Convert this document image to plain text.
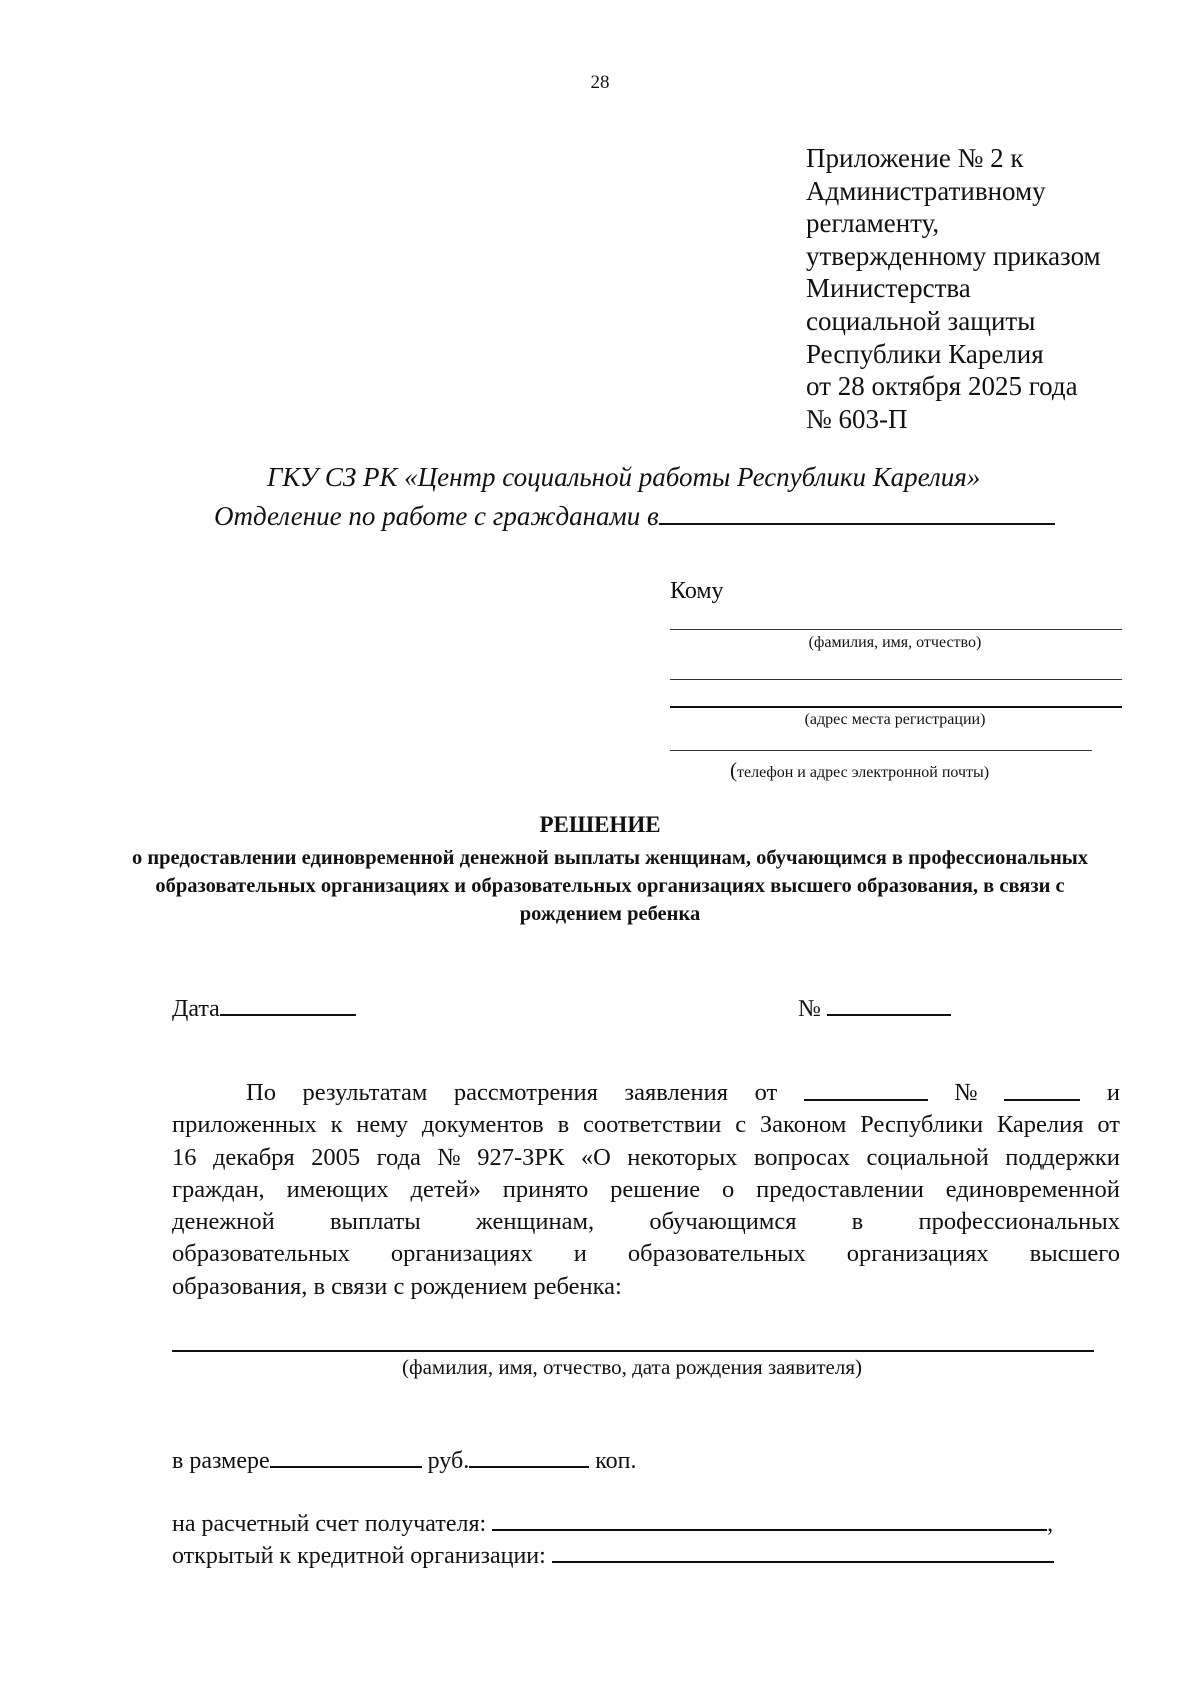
28
Приложение № 2 к
Административному
регламенту,
утвержденному приказом
Министерства
социальной защиты
Республики Карелия
от 28 октября 2025 года
№ 603-П
ГКУ СЗ РК «Центр социальной работы Республики Карелия»
Отделение по работе с гражданами в
Кому
(фамилия, имя, отчество)
(адрес места регистрации)
(телефон и адрес электронной почты)
РЕШЕНИЕ
о предоставлении единовременной денежной выплаты женщинам, обучающимся в профессиональных образовательных организациях и образовательных организациях высшего образования, в связи с рождением ребенка
Дата	№
По результатам рассмотрения заявления от	№	и
приложенных к нему документов в соответствии с Законом Республики Карелия от
16 декабря 2005 года № 927-ЗРК «О некоторых вопросах социальной поддержки
граждан, имеющих детей» принято решение о предоставлении единовременной
денежной выплаты женщинам, обучающимся в профессиональных
образовательных организациях и образовательных организациях высшего
образования, в связи с рождением ребенка:
(фамилия, имя, отчество, дата рождения заявителя)
в размере	руб.	коп.
на расчетный счет получателя:	,
открытый к кредитной организации:
